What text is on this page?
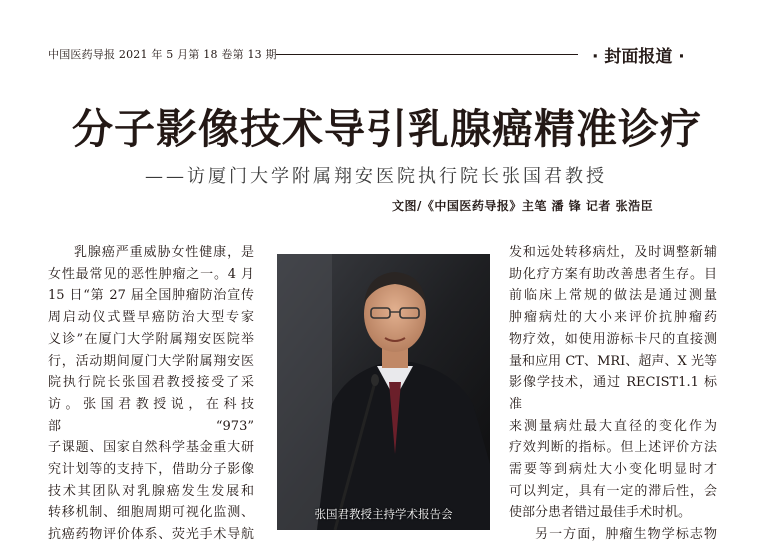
中国医药导报 2021 年 5 月第 18 卷第 13 期	· 封面报道 ·
分子影像技术导引乳腺癌精准诊疗
——访厦门大学附属翔安医院执行院长张国君教授
文图/《中国医药导报》主笔 潘 锋 记者 张浩臣

乳腺癌严重威胁女性健康，是

女性最常见的恶性肿瘤之一。4 月

15 日“第 27 届全国肿瘤防治宣传

周启动仪式暨早癌防治大型专家

义诊”在厦门大学附属翔安医院举

行，活动期间厦门大学附属翔安医

院执行院长张国君教授接受了采

访。张国君教授说，在科技部“973”

子课题、国家自然科学基金重大研

究计划等的支持下，借助分子影像

技术其团队对乳腺癌发生发展和

转移机制、细胞周期可视化监测、

抗癌药物评价体系、荧光手术导航

张国君教授主持学术报告会

发和远处转移病灶，及时调整新辅

助化疗方案有助改善患者生存。目

前临床上常规的做法是通过测量

肿瘤病灶的大小来评价抗肿瘤药

物疗效，如使用游标卡尺的直接测

量和应用 CT、MRI、超声、X 光等

影像学技术，通过 RECIST1.1 标准

来测量病灶最大直径的变化作为

疗效判断的指标。但上述评价方法

需要等到病灶大小变化明显时才

可以判定，具有一定的滞后性，会

使部分患者错过最佳手术时机。

另一方面，肿瘤生物学标志物
